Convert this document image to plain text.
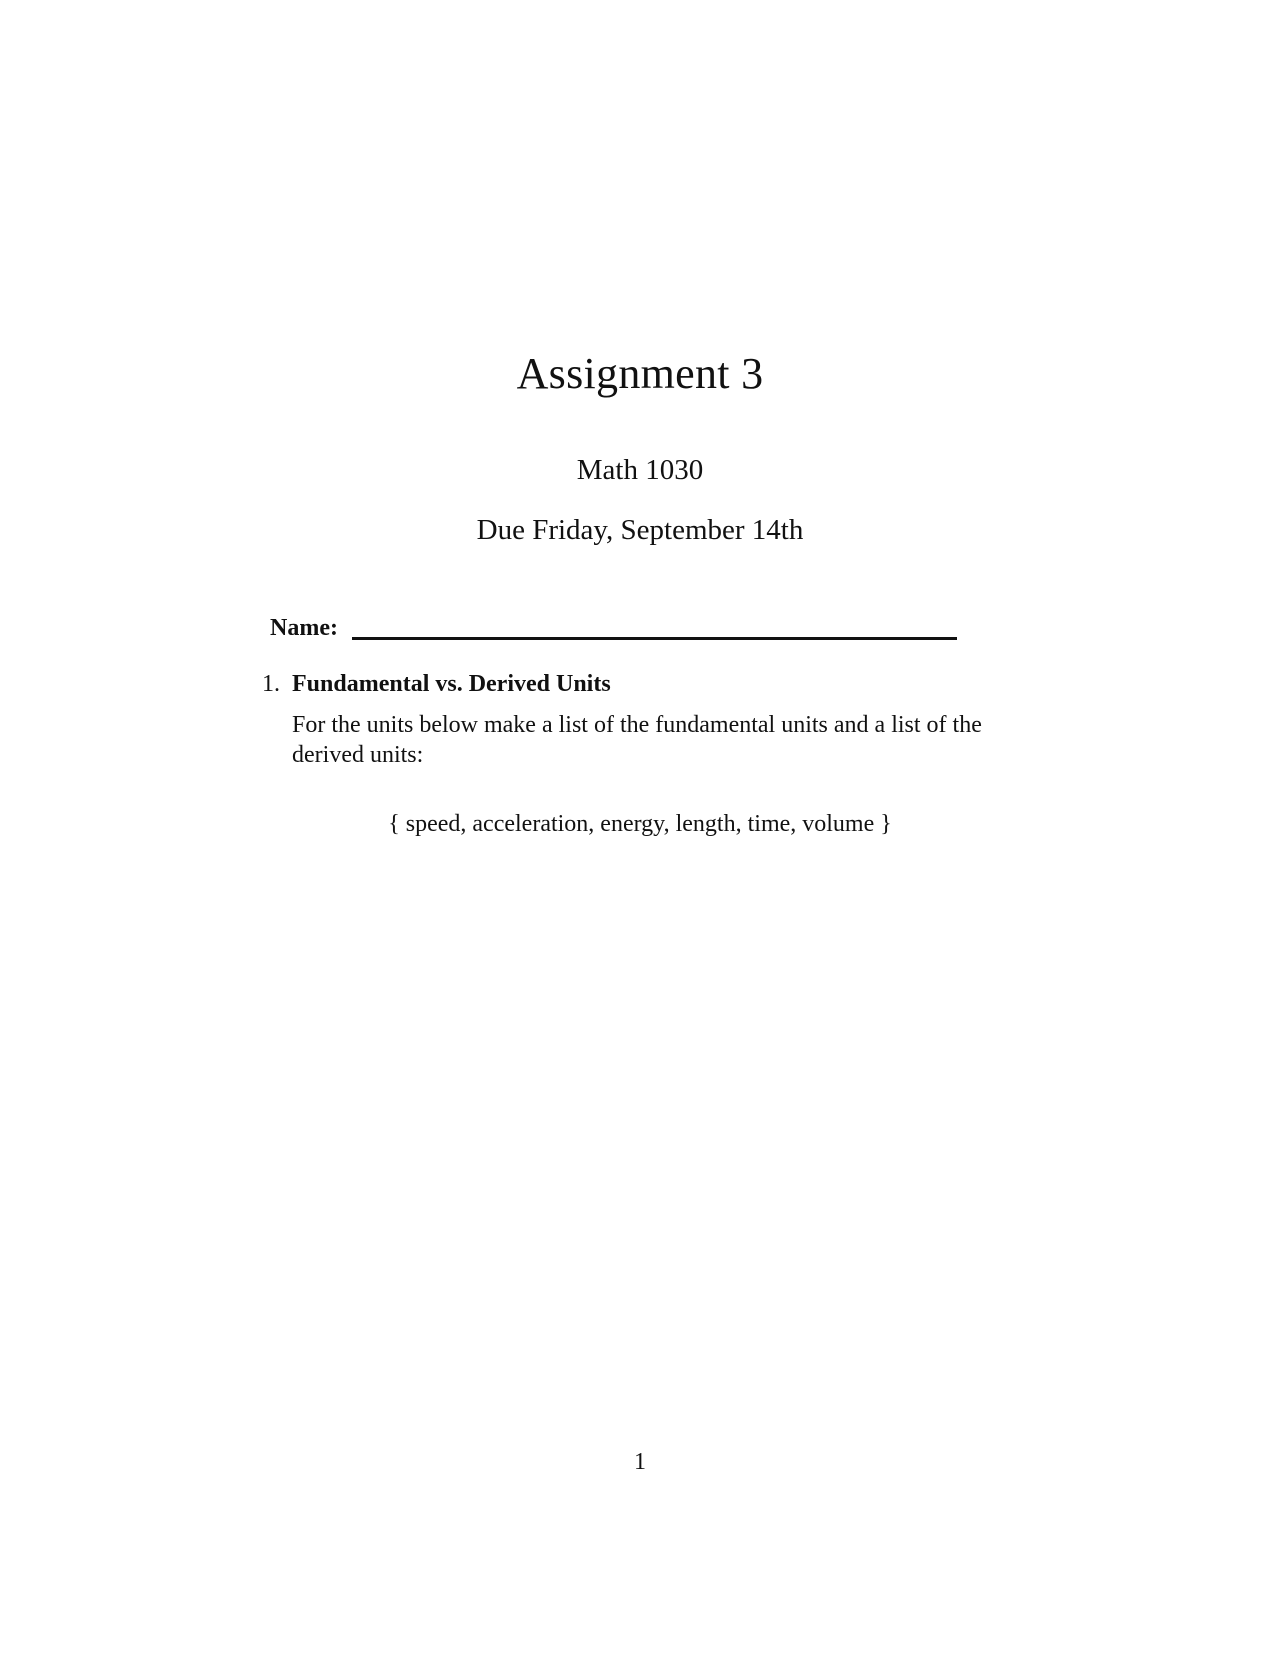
Assignment 3
Math 1030
Due Friday, September 14th
Name:
1. Fundamental vs. Derived Units
For the units below make a list of the fundamental units and a list of the derived units:
{ speed, acceleration, energy, length, time, volume }
1
